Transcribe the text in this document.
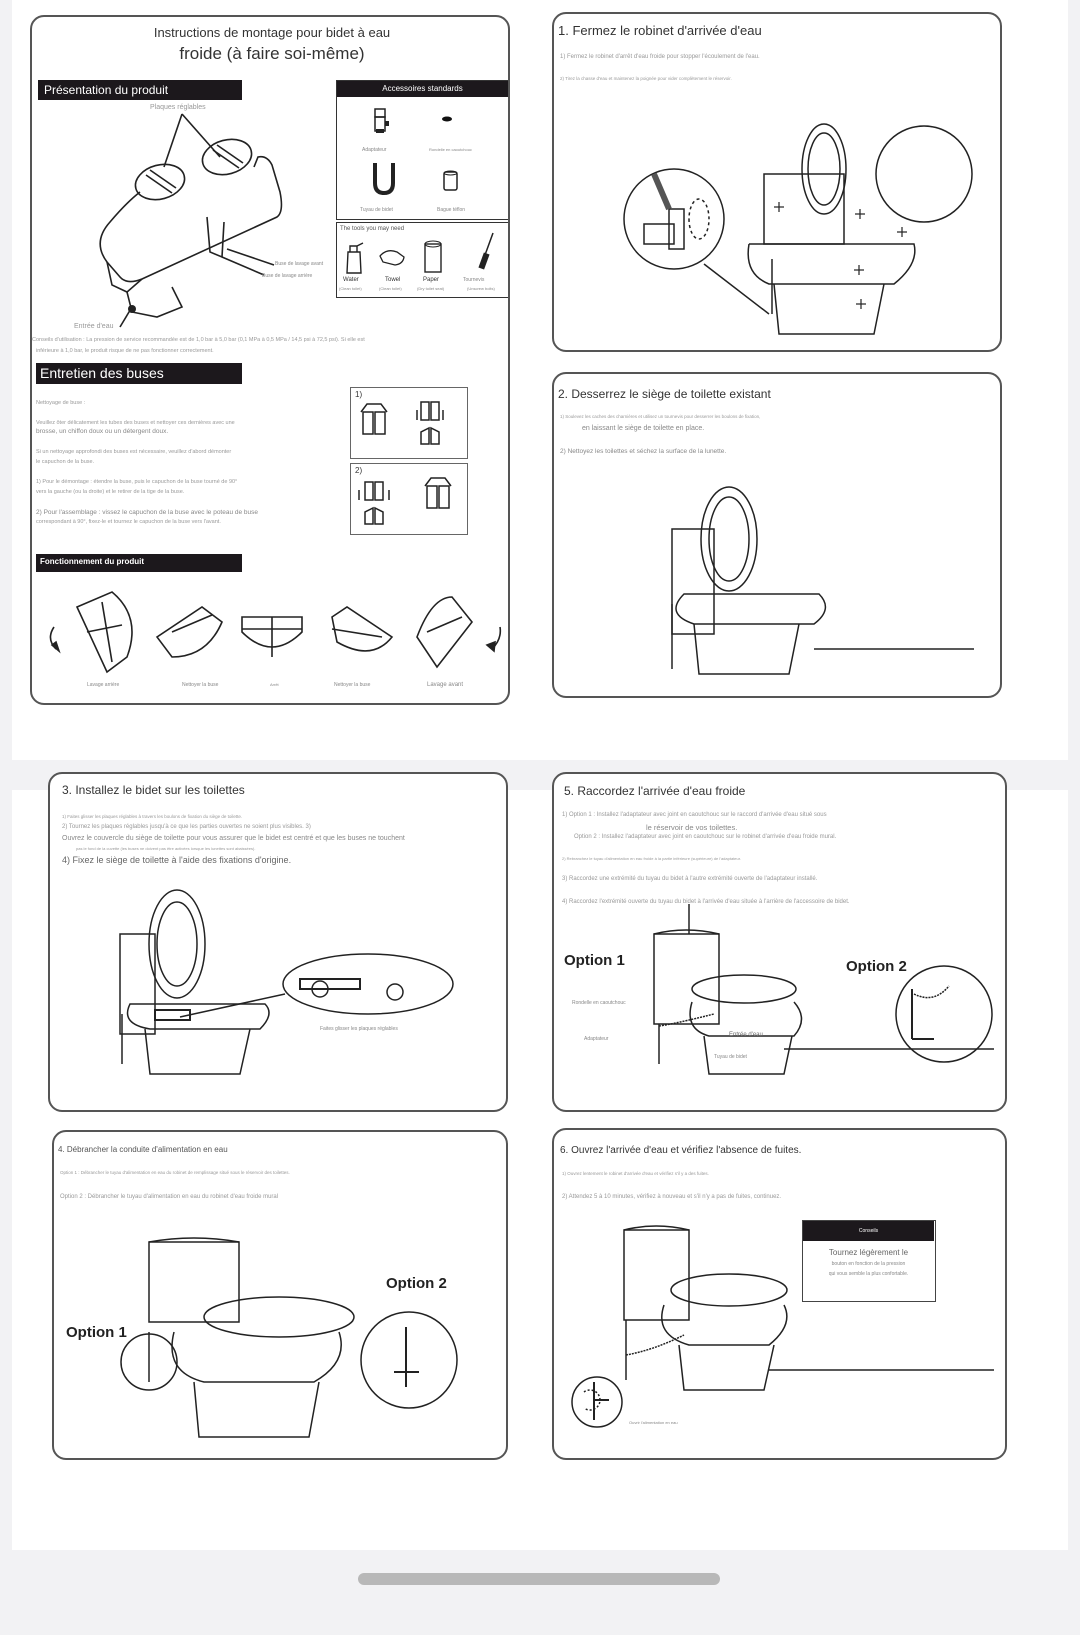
Instructions de montage pour bidet à eau
froide (à faire soi-même)
Présentation du produit
Plaques réglables
Buse de lavage avant
Buse de lavage arrière
Entrée d'eau
Accessoires standards
Adaptateur	Rondelle en caoutchouc
Tuyau de bidet	Bague téflon
The tools you may need
Water
(Clean toilet)
Towel
(Clean toilet)
Paper
(Dry toilet seat)
Tournevis
(Unscrew bolts)
Conseils d'utilisation : La pression de service recommandée est de 1,0 bar à 5,0 bar (0,1 MPa à 0,5 MPa / 14,5 psi à 72,5 psi). Si elle est
inférieure à 1,0 bar, le produit risque de ne pas fonctionner correctement.
Entretien des buses
Nettoyage de buse :
Veuillez ôter délicatement les tubes des buses et nettoyer ces dernières avec une
brosse, un chiffon doux ou un détergent doux.
Si un nettoyage approfondi des buses est nécessaire, veuillez d'abord démonter
le capuchon de la buse.
1) Pour le démontage : étendre la buse, puis le capuchon de la buse tourné de 90°
vers la gauche (ou la droite) et le retirer de la tige de la buse.
2) Pour l'assemblage : vissez le capuchon de la buse avec le poteau de buse
correspondant à 90°, fixez-le et tournez le capuchon de la buse vers l'avant.
1)
2)
Fonctionnement du produit
Lavage arrière	Nettoyer la buse	Arrêt	Nettoyer la buse	Lavage avant
1. Fermez le robinet d'arrivée d'eau
1) Fermez le robinet d'arrêt d'eau froide pour stopper l'écoulement de l'eau.
2) Tirez la chasse d'eau et maintenez la poignée pour vider complètement le réservoir.
2. Desserrez le siège de toilette existant
1) Soulevez les caches des charnières et utilisez un tournevis pour desserrer les boulons de fixation,
en laissant le siège de toilette en place.
2) Nettoyez les toilettes et séchez la surface de la lunette.
3. Installez le bidet sur les toilettes
1) Faites glisser les plaques réglables à travers les boulons de fixation du siège de toilette.
2) Tournez les plaques réglables jusqu'à ce que les parties ouvertes ne soient plus visibles. 3)
Ouvrez le couvercle du siège de toilette pour vous assurer que le bidet est centré et que les buses ne touchent
pas le fond de la cuvette (les buses ne doivent pas être activées lorsque les lunettes sont abaissées).
4) Fixez le siège de toilette à l'aide des fixations d'origine.
Faites glisser les plaques réglables
5. Raccordez l'arrivée d'eau froide
1) Option 1 : Installez l'adaptateur avec joint en caoutchouc sur le raccord d'arrivée d'eau situé sous
le réservoir de vos toilettes.
Option 2 : Installez l'adaptateur avec joint en caoutchouc sur le robinet d'arrivée d'eau froide mural.
2) Rebranchez le tuyau d'alimentation en eau froide à la partie inférieure (supérieure) de l'adaptateur.
3) Raccordez une extrémité du tuyau du bidet à l'autre extrémité ouverte de l'adaptateur installé.
4) Raccordez l'extrémité ouverte du tuyau du bidet à l'arrivée d'eau située à l'arrière de l'accessoire de bidet.
Option 1	Option 2
Rondelle en caoutchouc
Adaptateur
Entrée d'eau
Tuyau de bidet
4. Débrancher la conduite d'alimentation en eau
Option 1 : Débrancher le tuyau d'alimentation en eau du robinet de remplissage situé sous le réservoir des toilettes.
Option 2 : Débrancher le tuyau d'alimentation en eau du robinet d'eau froide mural
Option 1
Option 2
6. Ouvrez l'arrivée d'eau et vérifiez l'absence de fuites.
1) Ouvrez lentement le robinet d'arrivée d'eau et vérifiez s'il y a des fuites.
2) Attendez 5 à 10 minutes, vérifiez à nouveau et s'il n'y a pas de fuites, continuez.
Conseils
Tournez légèrement le
bouton en fonction de la pression
qui vous semble la plus confortable.
Ouvrir l'alimentation en eau
